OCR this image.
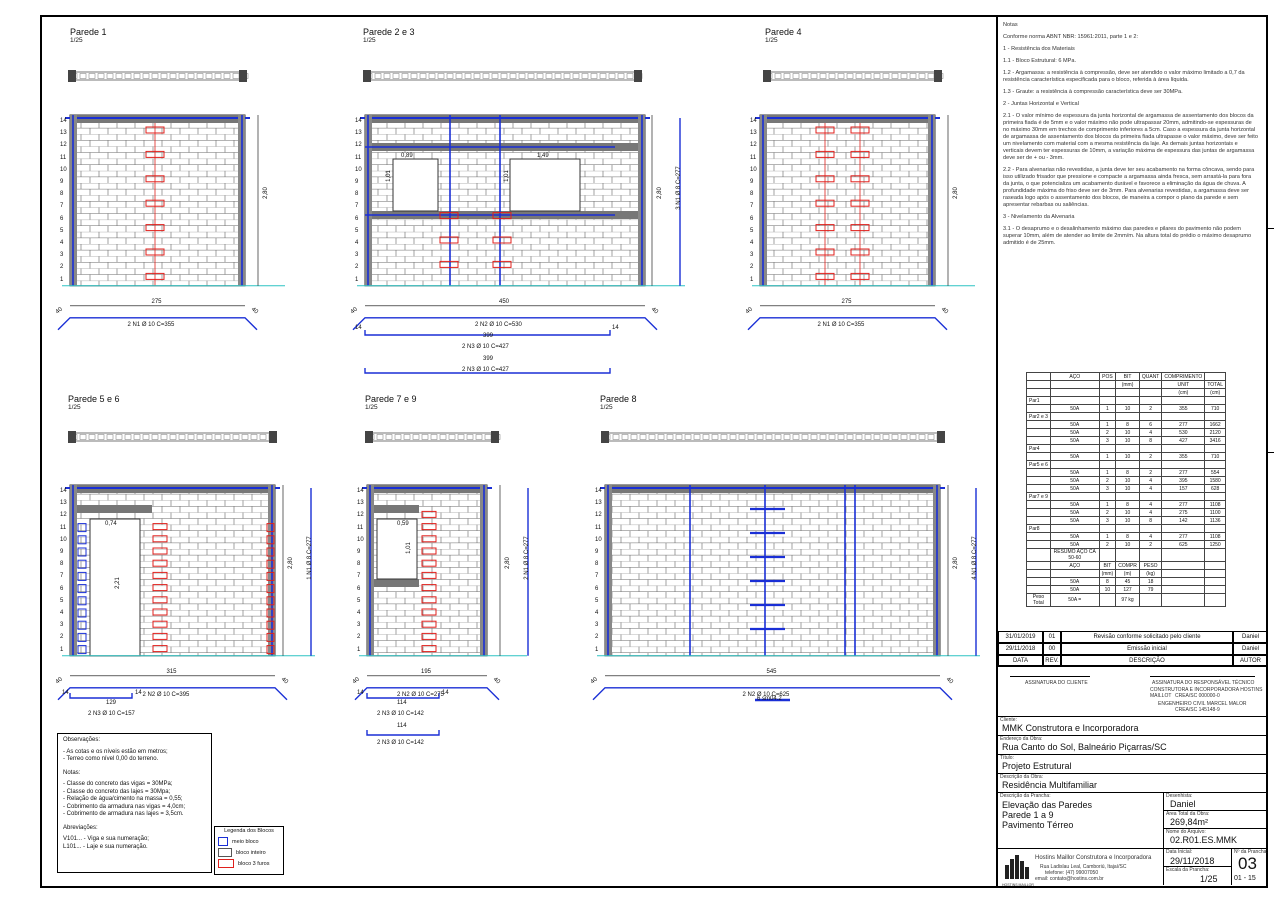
14
13
12
11
10
9
8
7
6
5
4
3
2
1
275
2 N1 Ø 10 C=355
40	40
2,80
Parede 1
1/25
14
13
12
11
10
9
8
7
6
5
4
3
2
1
0,89	1,49
1,01	1,01
14	14
399
2 N3 Ø 10 C=427
399
2 N3 Ø 10 C=427
450
2 N2 Ø 10 C=530
40	40
2,80 3 N1 Ø 8 C=277
Parede 2 e 3
1/25
14
13
12
11
10
9
8
7
6
5
4
3
2
1
275
2 N1 Ø 10 C=355
40	40
2,80
Parede 4
1/25
14
13
12
11
10
9
8
7
6
5
4
3
2
1
0,74
2,21
14	14
129
2 N3 Ø 10 C=157
315
2 N2 Ø 10 C=395
40	40
2,80 1 N1 Ø 8 C=277
Parede 5 e 6
1/25
14
13
12
11
10
9
8
7
6
5
4
3
2
1
0,59
1,01
14	14
114
2 N3 Ø 10 C=142
114
2 N3 Ø 10 C=142
195
2 N2 Ø 10 C=275
40	40
2,80 2 N1 Ø 8 C=277
Parede 7 e 9
1/25
14
13
12
11
10
9
8
7
6
5
4
3
2
1
6 sm04.2
545
2 N2 Ø 10 C=625
40	40
2,80 4 N1 Ø 8 C=277
Parede 8
1/25

Notas

Conforme norma ABNT NBR: 15961:2011, parte 1 e 2:

1 - Resistência dos Materiais

1.1 - Bloco Estrutural: 6 MPa.

1.2 - Argamassa: a resistência à compressão, deve ser atendido o valor máximo limitado a 0,7 da resistência característica especificada para o bloco, referida à área líquida.

1.3 - Graute: a resistência à compressão característica deve ser 30MPa.

2 - Juntas Horizontal e Vertical

2.1 - O valor mínimo de espessura da junta horizontal de argamassa de assentamento dos blocos da primeira fiada é de 5mm e o valor máximo não pode ultrapassar 20mm, admitindo-se espessuras de no máximo 30mm em trechos de comprimento inferiores a 5cm. Caso a espessura da junta horizontal de argamassa de assentamento dos blocos da primeira fiada ultrapasse o valor máximo, deve ser feito um nivelamento com material com a mesma resistência da laje. As demais juntas horizontais e verticais devem ter espessuras de 10mm, a variação máxima de espessura das juntas de argamassa deve ser de + ou - 3mm.

2.2 - Para alvenarias não revestidas, a junta deve ter seu acabamento na forma côncava, sendo para isso utilizado frisador que pressione e compacte a argamassa ainda fresca, sem arrastá-la para fora da junta, o que potencializa um acabamento durável e favorece a eliminação da água de chuva. A profundidade máxima do friso deve ser de 3mm. Para alvenarias revestidas, a argamassa deve ser raseada logo após o assentamento dos blocos, de maneira a compor o plano da parede e sem apresentar rebarbas ou saliências.

3 - Nivelamento da Alvenaria

3.1 - O desaprumo e o desalinhamento máximo das paredes e pilares do pavimento não podem superar 10mm, além de atender ao limite de 2mm/m. Na altura total do prédio o máximo desaprumo admitido é de 25mm.

	AÇO	POS	BIT	QUANT	COMPRIMENTO	
			(mm)		UNIT	TOTAL
					(cm)	(cm)
Par1						
	50A	1	10	2	355	710
Par2 e 3						
	50A	1	8	6	277	1662
	50A	2	10	4	530	2120
	50A	3	10	8	427	3416
Par4						
	50A	1	10	2	355	710
Par5 e 6						
	50A	1	8	2	277	554
	50A	2	10	4	395	1580
	50A	3	10	4	157	628
Par7 e 9						
	50A	1	8	4	277	1108
	50A	2	10	4	275	1100
	50A	3	10	8	142	1136
Par8						
	50A	1	8	4	277	1108
	50A	2	10	2	625	1250
	RESUMO AÇO CA 50-60					
	AÇO	BIT	COMPR	PESO		
		(mm)	(m)	(kg)		
	50A	8	45	18		
	50A	10	127	79		
Peso Total	50A =		97 kg			
31/01/2019	01	Revisão conforme solicitado pelo cliente	Daniel
29/11/2018	00	Emissão inicial	Daniel
DATA	REV.	DESCRIÇÃO	AUTOR
ASSINATURA DO CLIENTE	ASSINATURA DO RESPONSÁVEL TÉCNICO
CONSTRUTORA E INCORPORADORA HOSTINS MAILLOT CREA/SC 000000-0
ENGENHEIRO CIVIL MARCEL MALOR
CREA/SC 145148-9
Cliente:
MMK Construtora e Incorporadora
Endereço da Obra:
Rua Canto do Sol, Balneário Piçarras/SC
Título:
Projeto Estrutural
Descrição da Obra:
Residência Multifamiliar
Descrição da Prancha:
Elevação das Paredes
Parede 1 a 9
Pavimento Térreo
Desenhista:
Daniel
Área Total da Obra:
269,84m²
Nome do Arquivo:
02.R01.ES.MMK
Data Inicial:
29/11/2018
Escala da Prancha:
1/25
Nº da Prancha:
03
01 - 15
Hostins Maillor Construtora e Incorporadora
Rua Ladislau Leal, Camboriú, Itajaí/SC
telefone: (47) 99007050
email: contato@hostins.com.br
HOSTINS MAILLOR

Observações:

- As cotas e os níveis estão em metros;
- Terreo como nível 0,00 do terreno.

Notas:

- Classe do concreto das vigas = 30MPa;
- Classe do concreto das lajes = 30Mpa;
- Relação de água/cimento na massa = 0,55;
- Cobrimento da armadura nas vigas = 4,0cm;
- Cobrimento de armadura nas lajes = 3,5cm.

Abreviações:

V101... - Viga e sua numeração;
L101... - Laje e sua numeração.
Legenda dos Blocos
meio bloco
bloco inteiro
bloco 3 furos
